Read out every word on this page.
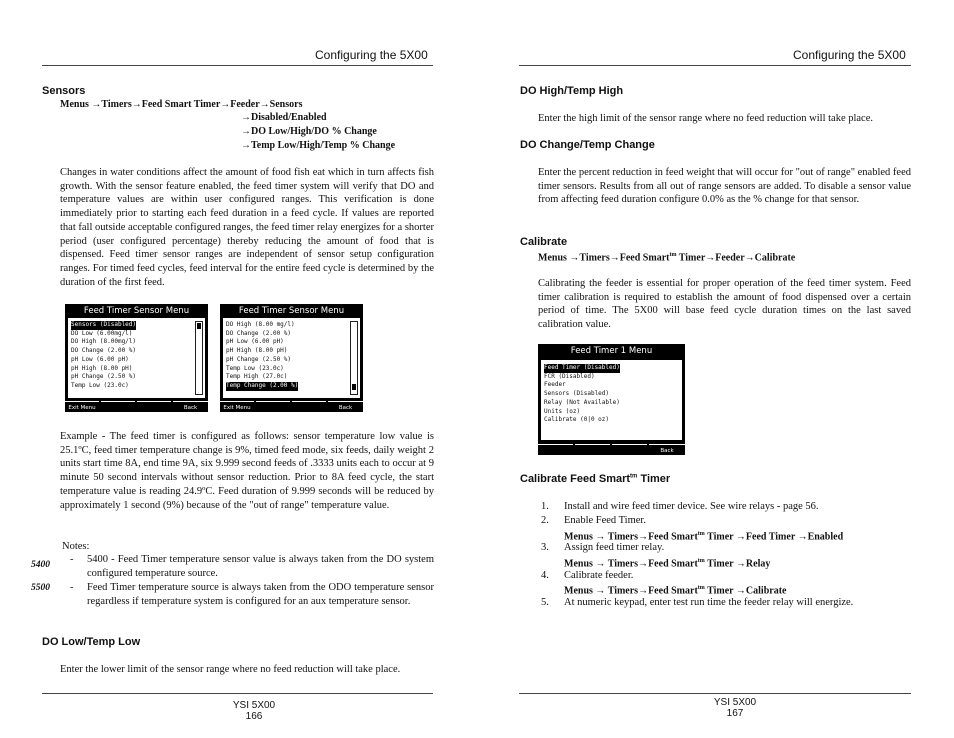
Configuring the 5X00
Sensors
Menus →Timers→Feed Smart Timer→Feeder→Sensors
→Disabled/Enabled
→DO Low/High/DO % Change
→Temp Low/High/Temp % Change
Changes in water conditions affect the amount of food fish eat which in turn affects fish growth. With the sensor feature enabled, the feed timer system will verify that DO and temperature values are within user configured ranges. This verification is done immediately prior to starting each feed duration in a feed cycle. If values are reported that fall outside acceptable configured ranges, the feed timer relay energizes for a shorter period (user configured percentage) thereby reducing the amount of food that is dispensed. Feed timer sensor ranges are independent of sensor setup configuration ranges. For timed feed cycles, feed interval for the entire feed cycle is determined by the duration of the first feed.
Feed Timer Sensor Menu
Sensors (Disabled)
DO Low (6.00mg/l)
DO High (8.00mg/l)
DO Change (2.00 %)
pH Low (6.00 pH)
pH High (8.00 pH)
pH Change (2.50 %)
Temp Low (23.0c)
Exit Menu	Back
Feed Timer Sensor Menu
DO High (8.00 mg/l)
DO Change (2.00 %)
pH Low (6.00 pH)
pH High (8.00 pH)
pH Change (2.50 %)
Temp Low (23.0c)
Temp High (27.0c)
Temp Change (2.00 %)
Exit Menu	Back
Example - The feed timer is configured as follows: sensor temperature low value is 25.1ºC, feed timer temperature change is 9%, timed feed mode, six feeds, daily weight 2 units start time 8A, end time 9A, six 9.999 second feeds of .3333 units each to occur at 9 minute 50 second intervals without sensor reduction. Prior to 8A feed cycle, the start temperature value is reading 24.9ºC. Feed duration of 9.999 seconds will be reduced by approximately 1 second (9%) because of the "out of range" temperature value.
Notes:
5400 - 5400 - Feed Timer temperature sensor value is always taken from the DO system configured temperature source.
5500 - Feed Timer temperature source is always taken from the ODO temperature sensor regardless if temperature system is configured for an aux temperature sensor.
DO Low/Temp Low
Enter the lower limit of the sensor range where no feed reduction will take place.
YSI 5X00
166
Configuring the 5X00
DO High/Temp High
Enter the high limit of the sensor range where no feed reduction will take place.
DO Change/Temp Change
Enter the percent reduction in feed weight that will occur for "out of range" enabled feed timer sensors. Results from all out of range sensors are added. To disable a sensor value from affecting feed duration configure 0.0% as the % change for that sensor.
Calibrate
Menus →Timers→Feed Smart$^{tm}$ Timer→Feeder→Calibrate
Calibrating the feeder is essential for proper operation of the feed timer system. Feed timer calibration is required to establish the amount of food dispensed over a certain period of time. The 5X00 will base feed cycle duration times on the last saved calibration value.
Feed Timer 1 Menu
Feed Timer (Disabled)
FCR (Disabled)
Feeder
Sensors (Disabled)
Relay (Not Available)
Units (oz)
Calibrate (0|0 oz)
Back
Calibrate Feed Smart$^{tm}$ Timer
1. Install and wire feed timer device. See wire relays - page 56.
2. Enable Feed Timer.
Menus → Timers→Feed Smart$^{tm}$ Timer →Feed Timer →Enabled
3. Assign feed timer relay.
Menus → Timers→Feed Smart$^{tm}$ Timer →Relay
4. Calibrate feeder.
Menus → Timers→Feed Smart$^{tm}$ Timer →Calibrate
5. At numeric keypad, enter test run time the feeder relay will energize.
YSI 5X00
167
